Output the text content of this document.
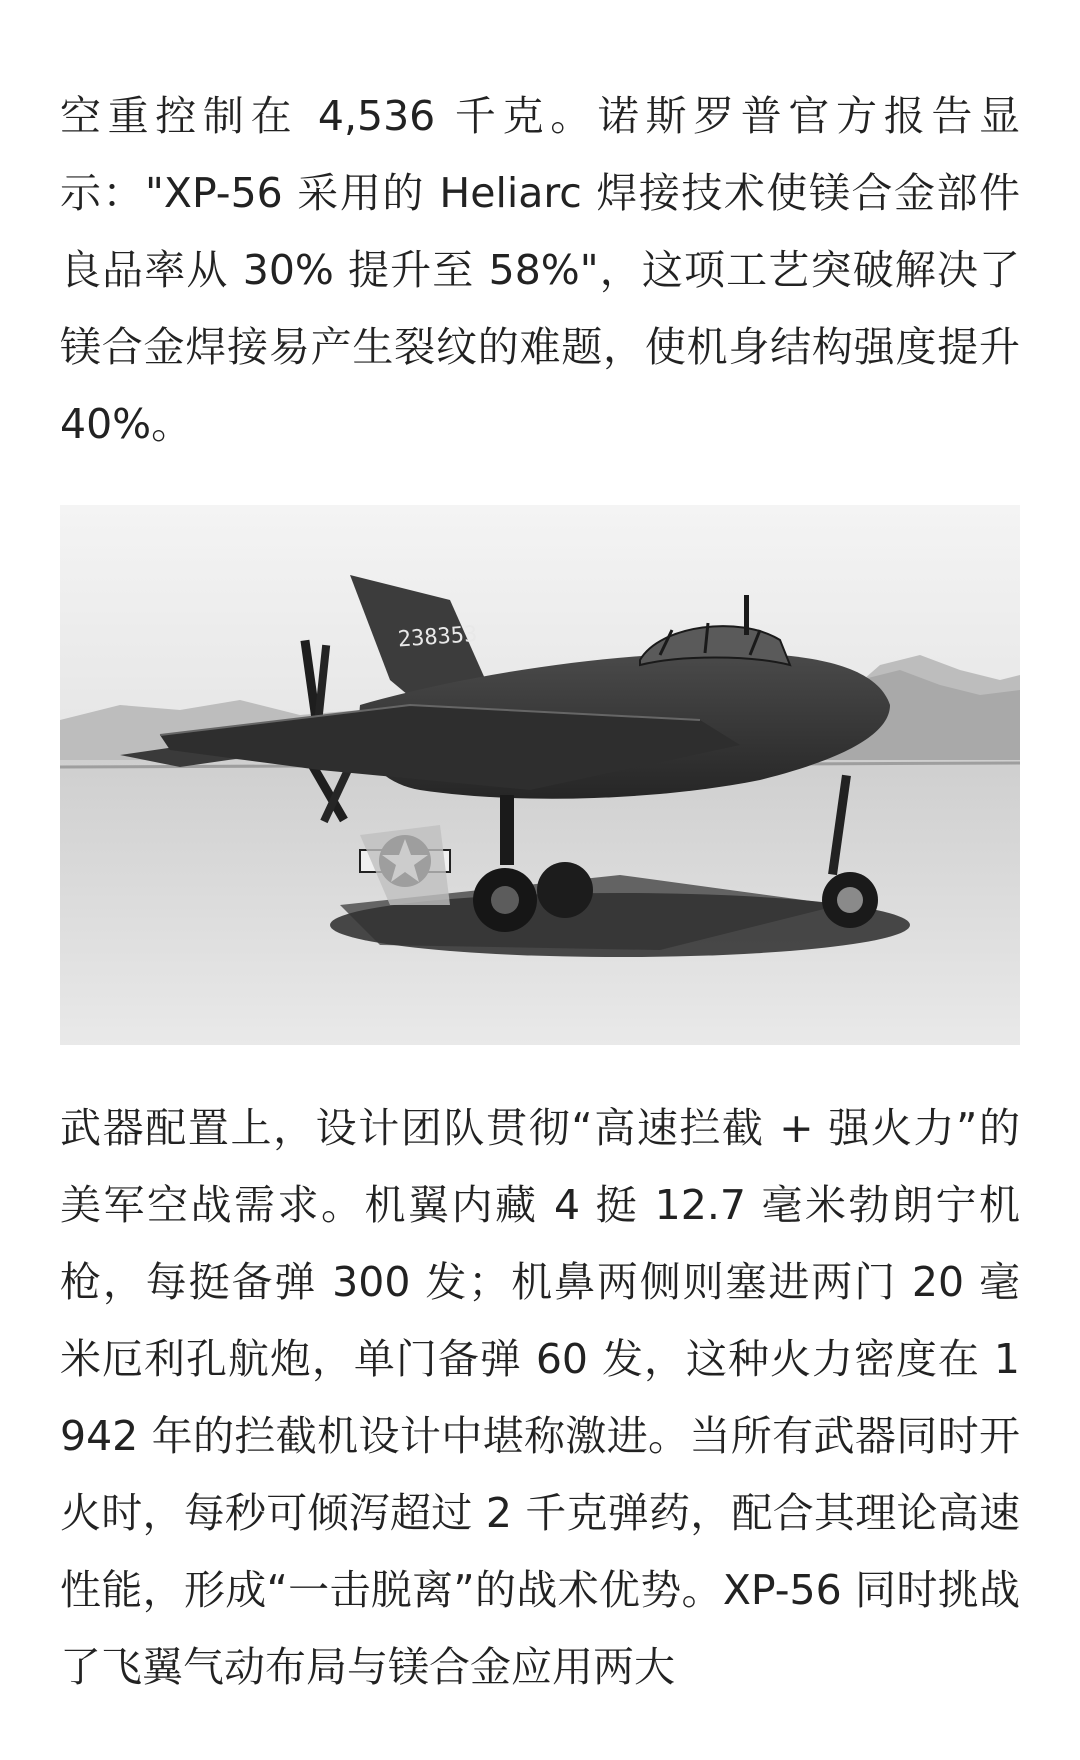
空重控制在 4,536 千克。诺斯罗普官方报告显示："XP-56 采用的 Heliarc 焊接技术使镁合金部件良品率从 30% 提升至 58%"，这项工艺突破解决了镁合金焊接易产生裂纹的难题，使机身结构强度提升 40%。

238353

武器配置上，设计团队贯彻“高速拦截 + 强火力”的美军空战需求。机翼内藏 4 挺 12.7 毫米勃朗宁机枪，每挺备弹 300 发；机鼻两侧则塞进两门 20 毫米厄利孔航炮，单门备弹 60 发，这种火力密度在 1942 年的拦截机设计中堪称激进。当所有武器同时开火时，每秒可倾泻超过 2 千克弹药，配合其理论高速性能，形成“一击脱离”的战术优势。XP-56 同时挑战了飞翼气动布局与镁合金应用两大
